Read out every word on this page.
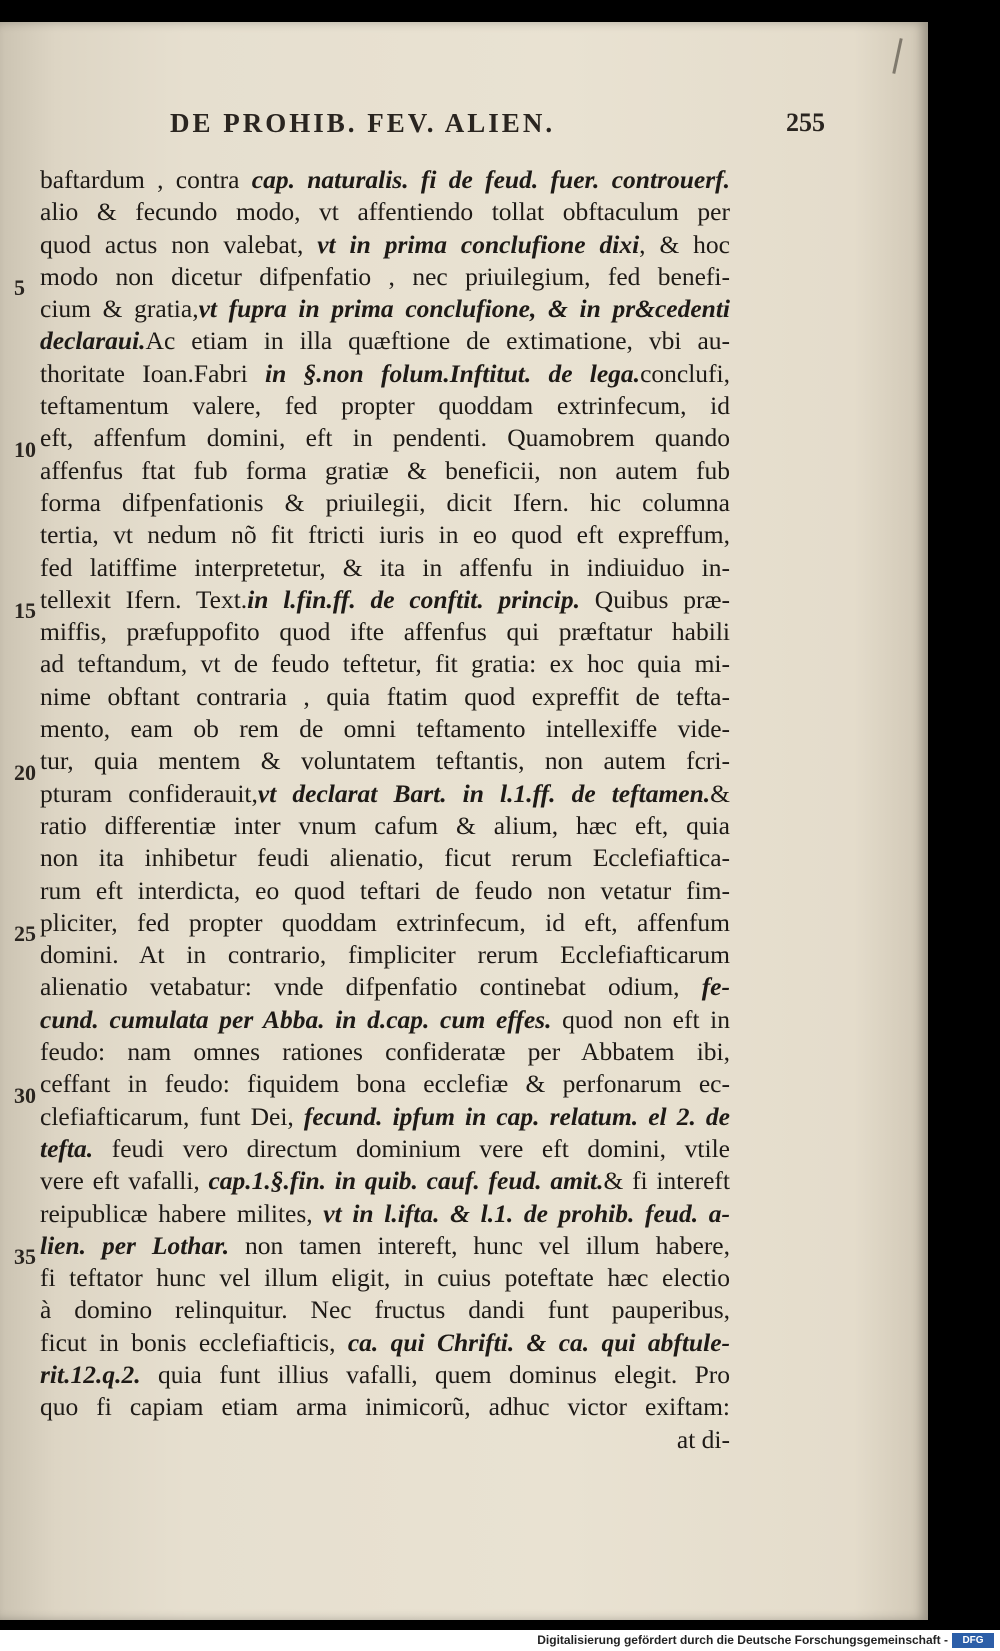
DE PROHIB. FEV. ALIEN.	255
baftardum , contra cap. naturalis. fi de feud. fuer. controuerf.
alio & fecundo modo, vt affentiendo tollat obftaculum per
quod actus non valebat, vt in prima conclufione dixi, & hoc
modo non dicetur difpenfatio , nec priuilegium, fed benefi-
cium & gratia,vt fupra in prima conclufione, & in pr&cedenti
declaraui.Ac etiam in illa quæftione de extimatione, vbi au-
thoritate Ioan.Fabri in §.non folum.Inftitut. de lega.conclufi,
teftamentum valere, fed propter quoddam extrinfecum, id
eft, affenfum domini, eft in pendenti. Quamobrem quando
affenfus ftat fub forma gratiæ & beneficii, non autem fub
forma difpenfationis & priuilegii, dicit Ifern. hic columna
tertia, vt nedum nõ fit ftricti iuris in eo quod eft expreffum,
fed latiffime interpretetur, & ita in affenfu in indiuiduo in-
tellexit Ifern. Text.in l.fin.ff. de conftit. princip. Quibus præ-
miffis, præfuppofito quod ifte affenfus qui præftatur habili
ad teftandum, vt de feudo teftetur, fit gratia: ex hoc quia mi-
nime obftant contraria , quia ftatim quod expreffit de tefta-
mento, eam ob rem de omni teftamento intellexiffe vide-
tur, quia mentem & voluntatem teftantis, non autem fcri-
pturam confiderauit,vt declarat Bart. in l.1.ff. de teftamen.&
ratio differentiæ inter vnum cafum & alium, hæc eft, quia
non ita inhibetur feudi alienatio, ficut rerum Ecclefiaftica-
rum eft interdicta, eo quod teftari de feudo non vetatur fim-
pliciter, fed propter quoddam extrinfecum, id eft, affenfum
domini. At in contrario, fimpliciter rerum Ecclefiafticarum
alienatio vetabatur: vnde difpenfatio continebat odium, fe-
cund. cumulata per Abba. in d.cap. cum effes. quod non eft in
feudo: nam omnes rationes confideratæ per Abbatem ibi,
ceffant in feudo: fiquidem bona ecclefiæ & perfonarum ec-
clefiafticarum, funt Dei, fecund. ipfum in cap. relatum. el 2. de
tefta. feudi vero directum dominium vere eft domini, vtile
vere eft vafalli, cap.1.§.fin. in quib. cauf. feud. amit.& fi intereft
reipublicæ habere milites, vt in l.ifta. & l.1. de prohib. feud. a-
lien. per Lothar. non tamen intereft, hunc vel illum habere,
fi teftator hunc vel illum eligit, in cuius poteftate hæc electio
à domino relinquitur. Nec fructus dandi funt pauperibus,
ficut in bonis ecclefiafticis, ca. qui Chrifti. & ca. qui abftule-
rit.12.q.2. quia funt illius vafalli, quem dominus elegit. Pro
quo fi capiam etiam arma inimicorũ, adhuc victor exiftam:
at di-
5
10
15
20
25
30
35
Digitalisierung gefördert durch die Deutsche Forschungsgemeinschaft -	DFG
